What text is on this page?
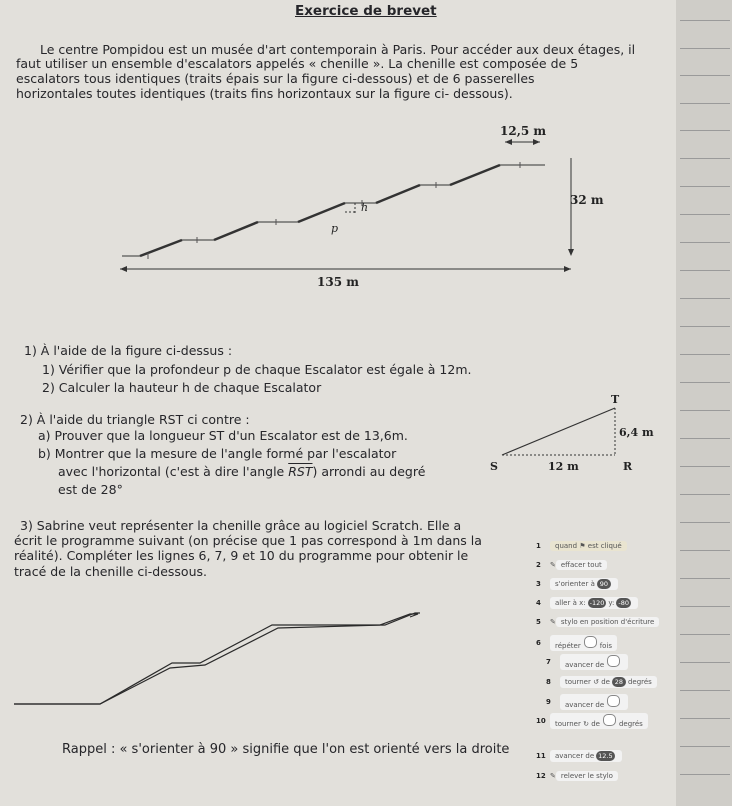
Exercice de brevet
Le centre Pompidou est un musée d'art contemporain à Paris. Pour accéder aux deux étages, il
faut utiliser un ensemble d'escalators appelés « chenille ». La chenille est composée de 5
escalators tous identiques (traits épais sur la figure ci-dessous) et de 6 passerelles
horizontales toutes identiques (traits fins horizontaux sur la figure ci- dessous).
12,5 m
32 m
135 m
h
p
1) À l'aide de la figure ci-dessus :
1) Vérifier que la profondeur p de chaque Escalator est égale à 12m.
2) Calculer la hauteur h de chaque Escalator
2) À l'aide du triangle RST ci contre :
a) Prouver que la longueur ST d'un Escalator est de 13,6m.
b) Montrer que la mesure de l'angle formé par l'escalator
avec l'horizontal (c'est à dire l'angle $\overline{RST}$) arrondi au degré
est de 28°
T
S	R
6,4 m
12 m
3) Sabrine veut représenter la chenille grâce au logiciel Scratch. Elle a
écrit le programme suivant (on précise que 1 pas correspond à 1m dans la
réalité). Compléter les lignes 6, 7, 9 et 10 du programme pour obtenir le
tracé de la chenille ci-dessous.
Rappel : « s'orienter à 90 » signifie que l'on est orienté vers la droite
1	quand ⚑ est cliqué
2	✎ effacer tout
3	s'orienter à 90
4	aller à x: -120 y: -80
5	✎ stylo en position d'écriture
6	répéter	fois
7	avancer de
8	tourner ↺ de 28 degrés
9	avancer de
10	tourner ↻ de	degrés
11	avancer de 12.5
12 ✎ relever le stylo
